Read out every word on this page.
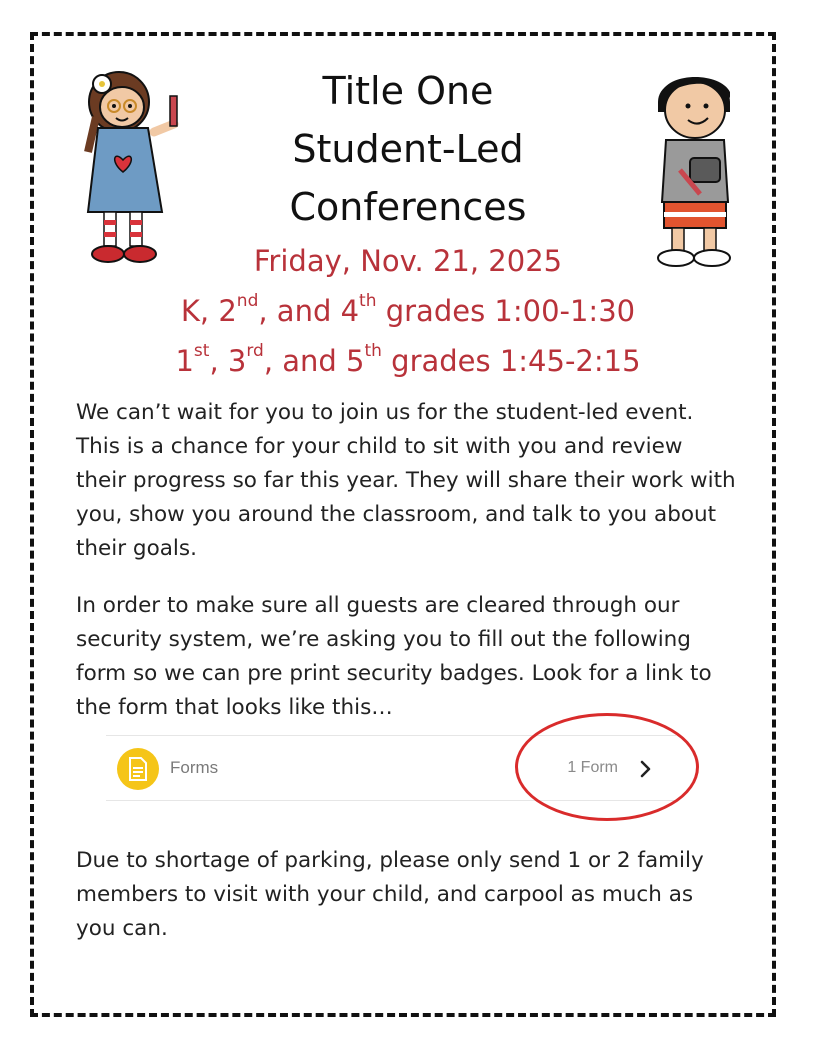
Title One
Student-Led
Conferences
Friday, Nov. 21, 2025
K, 2nd, and 4th grades 1:00-1:30
1st, 3rd, and 5th grades 1:45-2:15
We can’t wait for you to join us for the student-led event. This is a chance for your child to sit with you and review their progress so far this year. They will share their work with you, show you around the classroom, and talk to you about their goals.
In order to make sure all guests are cleared through our security system, we’re asking you to fill out the following form so we can pre print security badges. Look for a link to the form that looks like this…
Forms	1 Form
Due to shortage of parking, please only send 1 or 2 family members to visit with your child, and carpool as much as you can.
